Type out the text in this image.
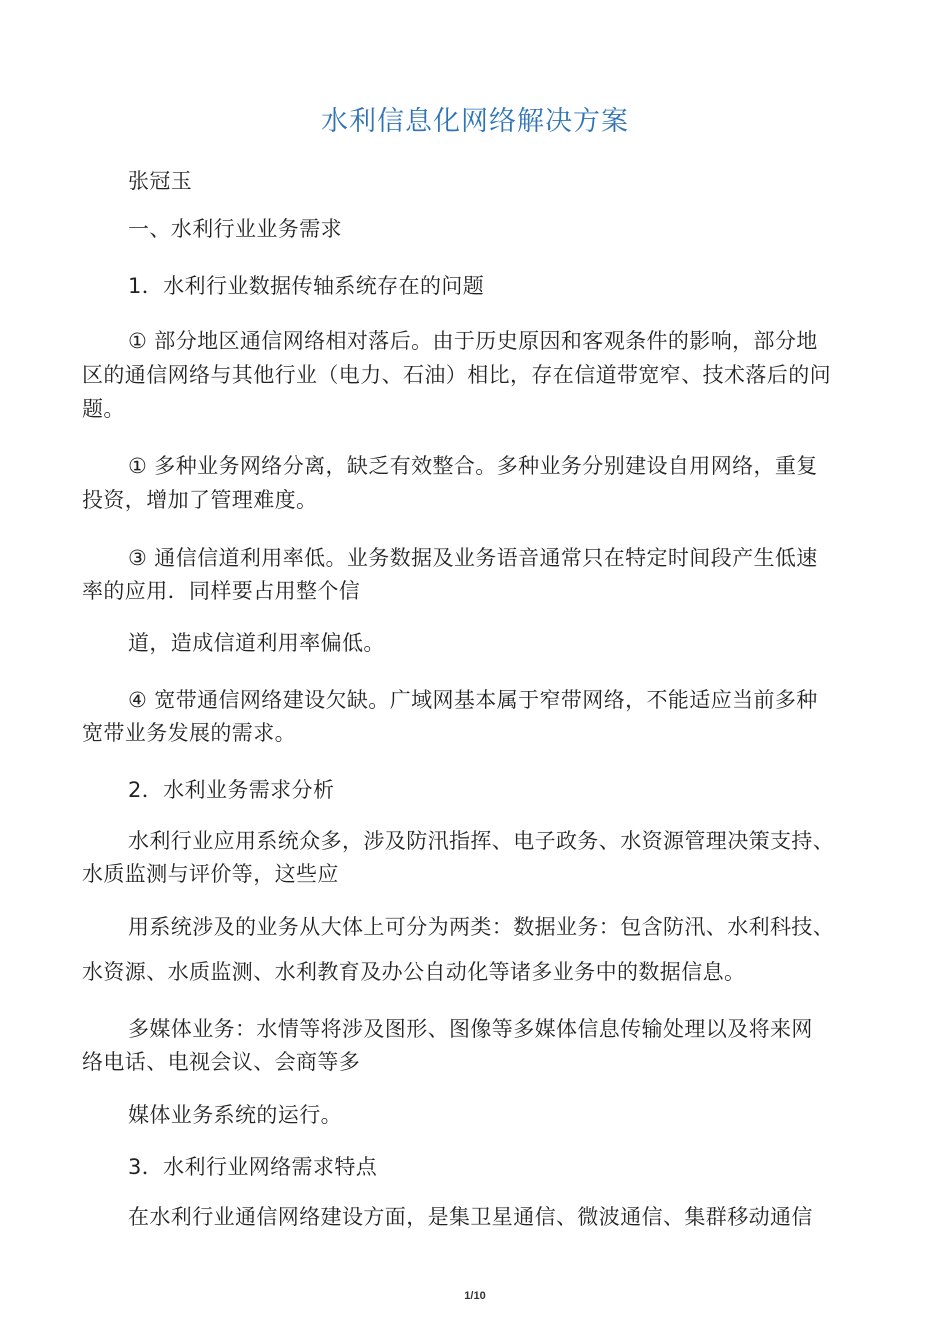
水利信息化网络解决方案
张冠玉
一、水利行业业务需求
1．水利行业数据传轴系统存在的问题
① 部分地区通信网络相对落后。由于历史原因和客观条件的影响，部分地
区的通信网络与其他行业（电力、石油）相比，存在信道带宽窄、技术落后的问
题。
① 多种业务网络分离，缺乏有效整合。多种业务分别建设自用网络，重复
投资，增加了管理难度。
③ 通信信道利用率低。业务数据及业务语音通常只在特定时间段产生低速
率的应用．同样要占用整个信
道，造成信道利用率偏低。
④ 宽带通信网络建设欠缺。广域网基本属于窄带网络，不能适应当前多种
宽带业务发展的需求。
2．水利业务需求分析
水利行业应用系统众多，涉及防汛指挥、电子政务、水资源管理决策支持、
水质监测与评价等，这些应
用系统涉及的业务从大体上可分为两类：数据业务：包含防汛、水利科技、
水资源、水质监测、水利教育及办公自动化等诸多业务中的数据信息。
多媒体业务：水情等将涉及图形、图像等多媒体信息传输处理以及将来网
络电话、电视会议、会商等多
媒体业务系统的运行。
3．水利行业网络需求特点
在水利行业通信网络建设方面，是集卫星通信、微波通信、集群移动通信
1/10
